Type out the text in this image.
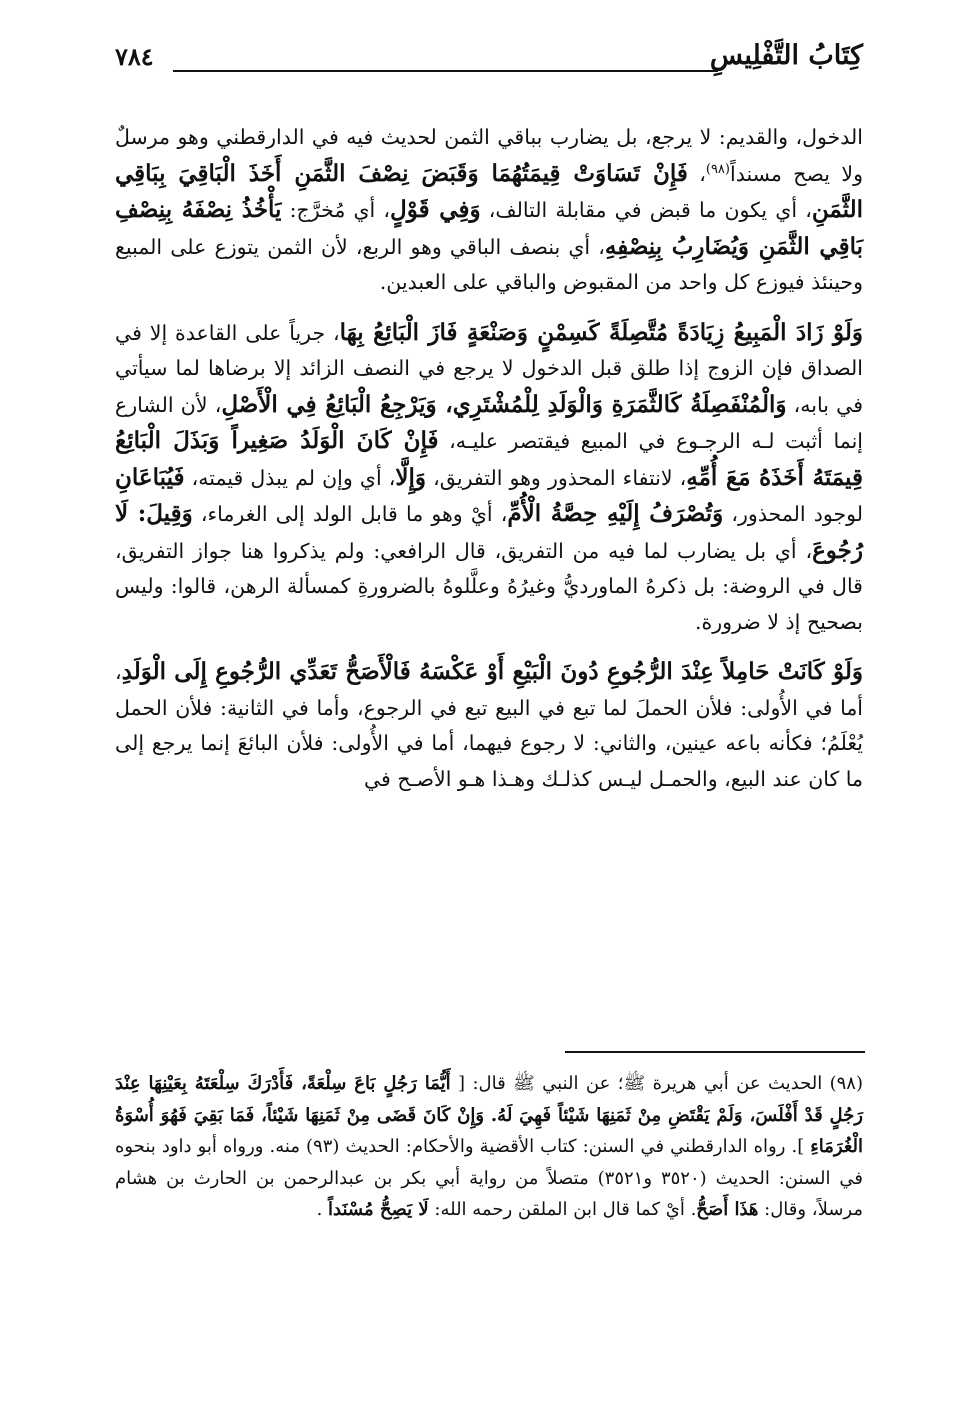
كِتَابُ التَّفْلِيسِ
٧٨٤

الدخول، والقديم: لا يرجع، بل يضارب بباقي الثمن لحديث فيه في الدارقطني وهو مرسلٌ ولا يصح مسنداً$^{(٩٨)}$، فَإِنْ تَسَاوَتْ قِيمَتُهُمَا وَقَبَضَ نِصْفَ الثَّمَنِ أَخَذَ الْبَاقِيَ بِبَاقِي الثَّمَنِ، أي يكون ما قبض في مقابلة التالف، وَفِي قَوْلٍ، أي مُخرَّج: يَأْخُذُ نِصْفَهُ بِنِصْفِ بَاقِي الثَّمَنِ وَيُضَارِبُ بِنِصْفِهِ، أي بنصف الباقي وهو الربع، لأن الثمن يتوزع على المبيع وحينئذ فيوزع كل واحد من المقبوض والباقي على العبدين.

وَلَوْ زَادَ الْمَبِيعُ زِيَادَةً مُتَّصِلَةً كَسِمْنٍ وَصَنْعَةٍ فَازَ الْبَائِعُ بِهَا، جرياً على القاعدة إلا في الصداق فإن الزوج إذا طلق قبل الدخول لا يرجع في النصف الزائد إلا برضاها لما سيأتي في بابه، وَالْمُنْفَصِلَةُ كَالثَّمَرَةِ وَالْوَلَدِ لِلْمُشْتَرِي، وَيَرْجِعُ الْبَائِعُ فِي الْأَصْلِ، لأن الشارع إنما أثبت لـه الرجـوع في المبيع فيقتصر عليـه، فَإِنْ كَانَ الْوَلَدُ صَغِيراً وَبَذَلَ الْبَائِعُ قِيمَتَهُ أَخَذَهُ مَعَ أُمِّهِ، لانتفاء المحذور وهو التفريق، وَإِلَّا، أي وإن لم يبذل قيمته، فَيُبَاعَانِ لوجود المحذور، وَتُصْرَفُ إِلَيْهِ حِصَّةُ الْأُمِّ، أيْ وهو ما قابل الولد إلى الغرماء، وَقِيلَ: لَا رُجُوعَ، أي بل يضارب لما فيه من التفريق، قال الرافعي: ولم يذكروا هنا جواز التفريق، قال في الروضة: بل ذكرهُ الماورديُّ وغيرُهُ وعلَّلوهُ بالضرورةِ كمسألة الرهن، قالوا: وليس بصحيح إذ لا ضرورة.

وَلَوْ كَانَتْ حَامِلاً عِنْدَ الرُّجُوعِ دُونَ الْبَيْعِ أَوْ عَكْسَهُ فَالْأَصَحُّ تَعَدِّي الرُّجُوعِ إِلَى الْوَلَدِ، أما في الأُولى: فلأن الحملَ لما تبع في البيع تبع في الرجوع، وأما في الثانية: فلأن الحمل يُعْلَمُ؛ فكأنه باعه عينين، والثاني: لا رجوع فيهما، أما في الأُولى: فلأن البائعَ إنما يرجع إلى ما كان عند البيع، والحمـل ليـس كذلـك وهـذا هـو الأصـح في

(٩٨) الحديث عن أبي هريرة ﷺ؛ عن النبي ﷺ قال: [ أَيُّمَا رَجُلٍ بَاعَ سِلْعَةً، فَأَدْرَكَ سِلْعَتَهُ بِعَيْنِهَا عِنْدَ رَجُلٍ قَدْ أَفْلَسَ، وَلَمْ يَقْتَضِ مِنْ ثَمَنِهَا شَيْئاً فَهِيَ لَهُ. وَإِنْ كَانَ قَضَى مِنْ ثَمَنِهَا شَيْئاً، فَمَا بَقِيَ فَهُوَ أُسْوَةُ الْغُرَمَاءِ ]. رواه الدارقطني في السنن: كتاب الأقضية والأحكام: الحديث (٩٣) منه. ورواه أبو داود بنحوه في السنن: الحديث (٣٥٢٠ و٣٥٢١) متصلاً من رواية أبي بكر بن عبدالرحمن بن الحارث بن هشام مرسلاً، وقال: هَذَا أَصَحُّ. أيْ كما قال ابن الملقن رحمه الله: لَا يَصِحُّ مُسْنَداً .
